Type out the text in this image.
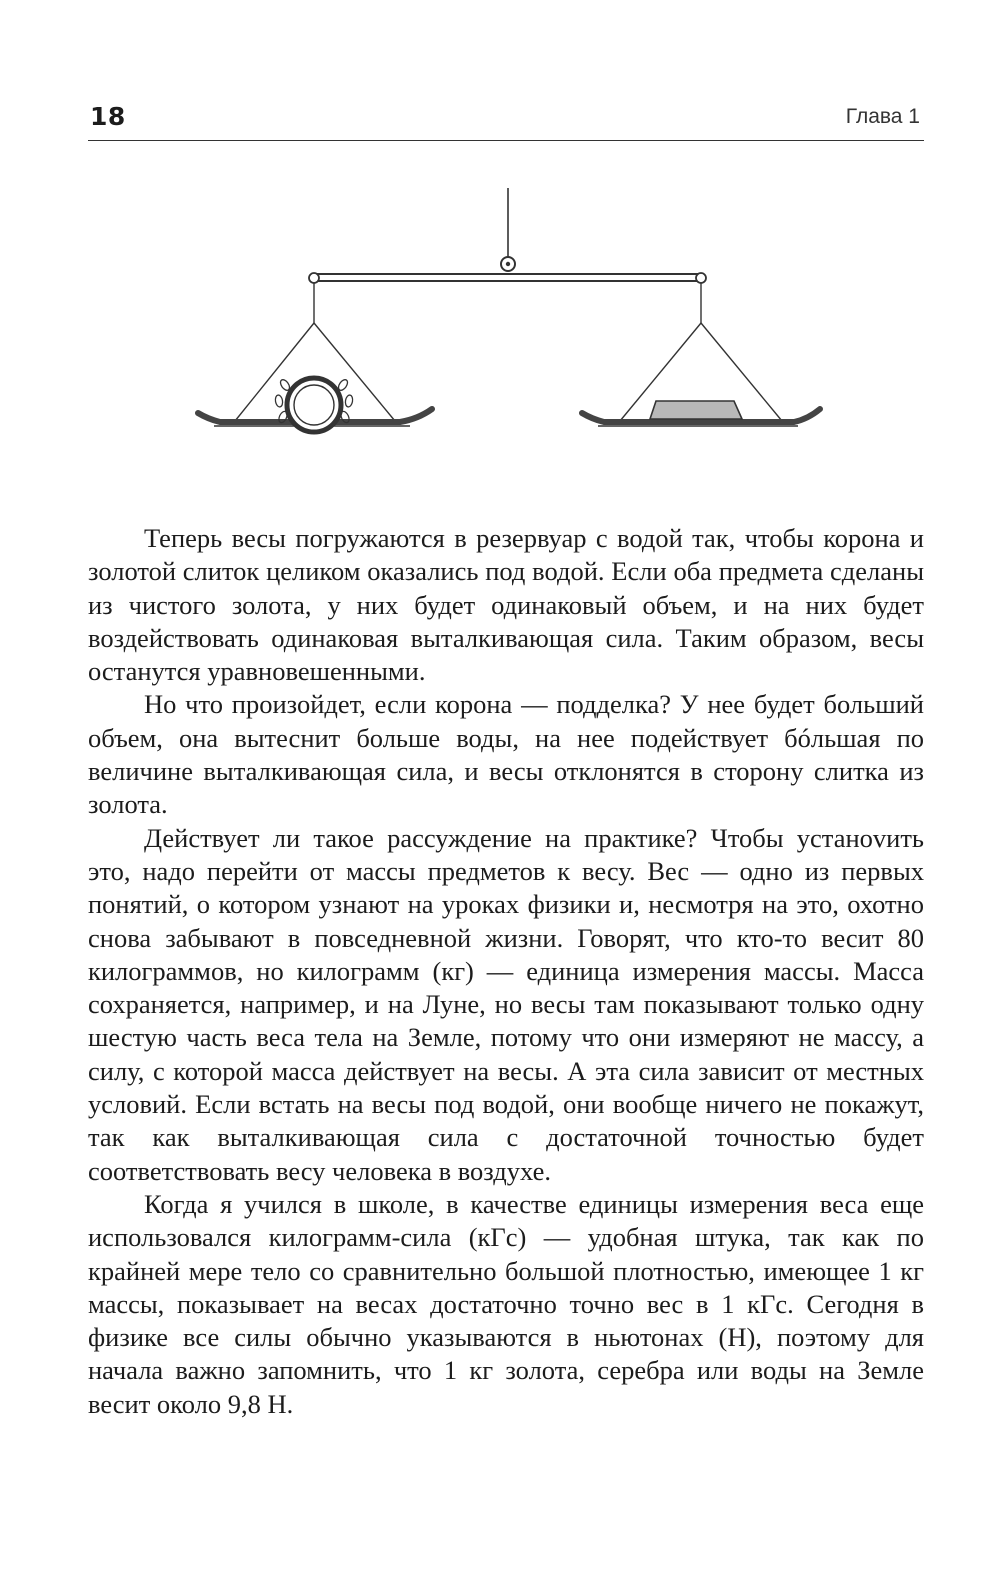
18	Глава 1

Теперь весы погружаются в резервуар с водой так, чтобы корона и золотой слиток целиком оказались под водой. Если оба предмета сделаны из чистого золота, у них будет одинаковый объем, и на них будет воздействовать одинаковая выталкивающая сила. Таким образом, весы останутся уравновешенными.

Но что произойдет, если корона — подделка? У нее будет больший объем, она вытеснит больше воды, на нее подействует бóльшая по величине выталкивающая сила, и весы отклонятся в сторону слитка из золота.

Действует ли такое рассуждение на практике? Чтобы устаноvить это, надо перейти от массы предметов к весу. Вес — одно из первых понятий, о котором узнают на уроках физики и, несмотря на это, охотно снова забывают в повседневной жизни. Говорят, что кто-то весит 80 килограммов, но килограмм (кг) — единица измерения массы. Масса сохраняется, например, и на Луне, но весы там показывают только одну шестую часть веса тела на Земле, потому что они измеряют не массу, а силу, с которой масса действует на весы. А эта сила зависит от местных условий. Если встать на весы под водой, они вообще ничего не покажут, так как выталкивающая сила с достаточной точностью будет соответствовать весу человека в воздухе.

Когда я учился в школе, в качестве единицы измерения веса еще использовался килограмм-сила (кГс) — удобная штука, так как по крайней мере тело со сравнительно большой плотностью, имеющее 1 кг массы, показывает на весах достаточно точно вес в 1 кГс. Сегодня в физике все силы обычно указываются в ньютонах (Н), поэтому для начала важно запомнить, что 1 кг золота, серебра или воды на Земле весит около 9,8 Н.
